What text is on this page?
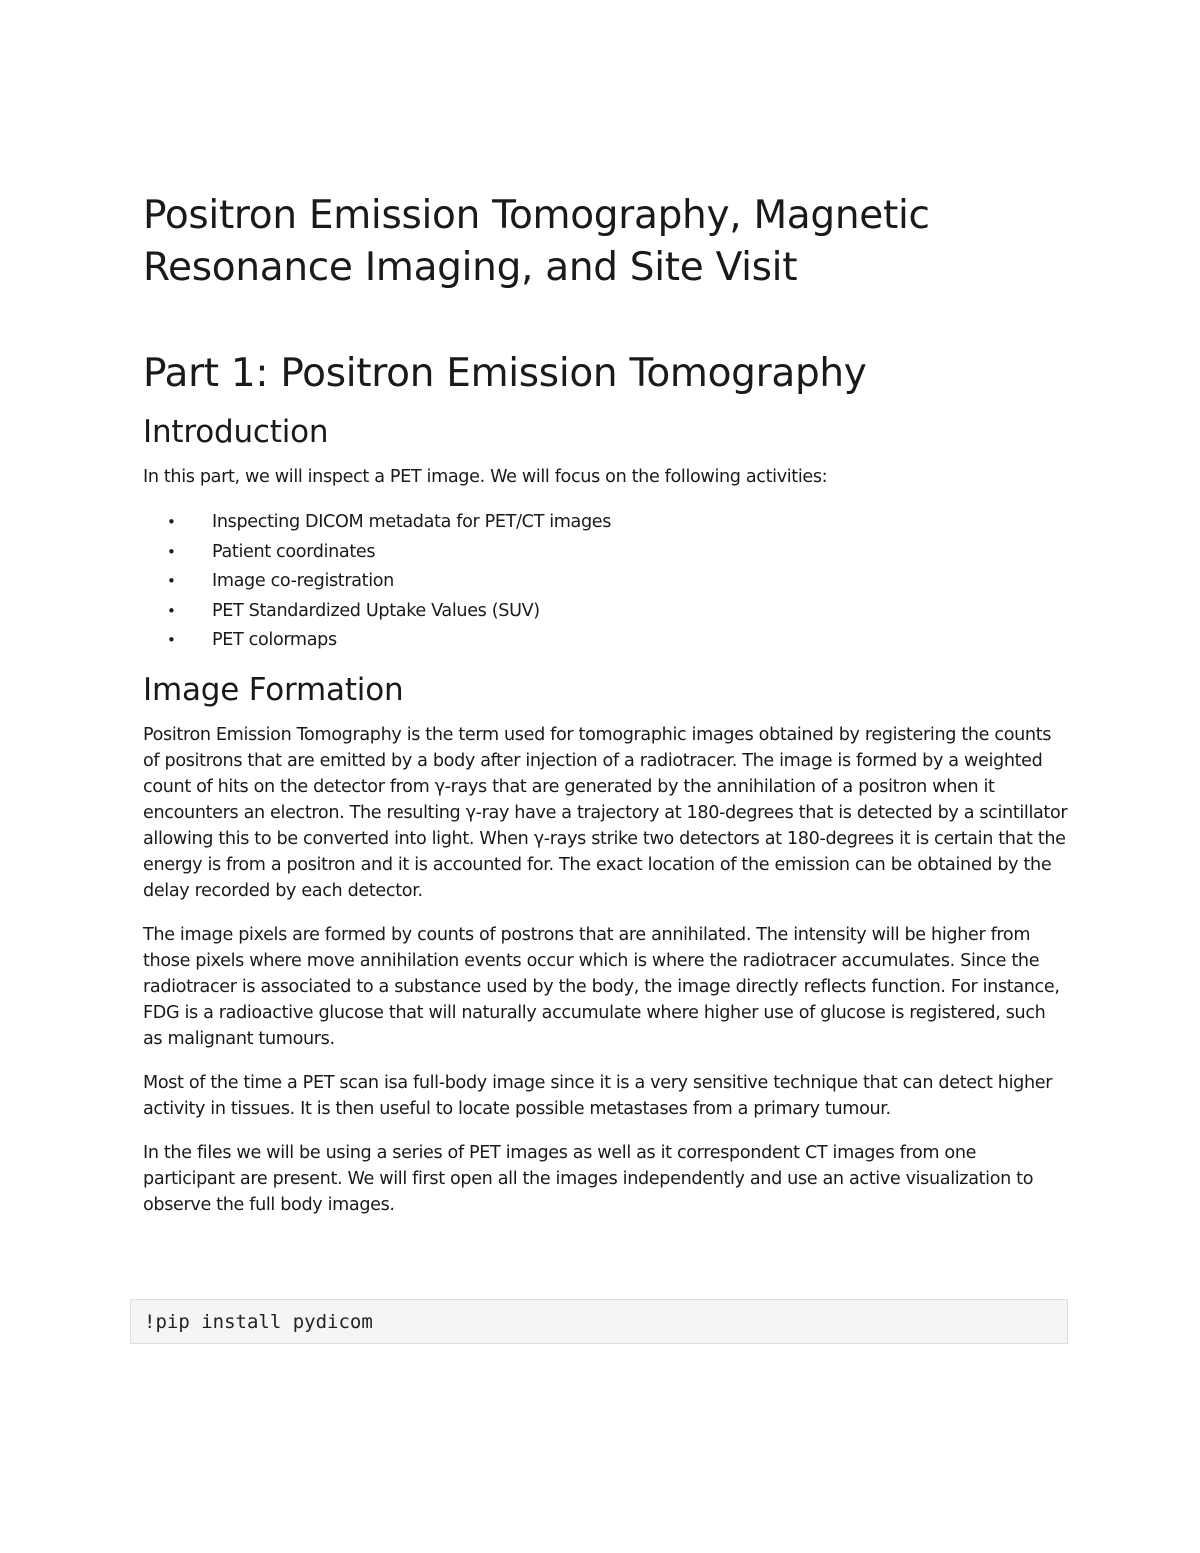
Positron Emission Tomography, Magnetic Resonance Imaging, and Site Visit
Part 1: Positron Emission Tomography
Introduction

In this part, we will inspect a PET image. We will focus on the following activities:

• Inspecting DICOM metadata for PET/CT images
• Patient coordinates
• Image co-registration
• PET Standardized Uptake Values (SUV)
• PET colormaps
Image Formation

Positron Emission Tomography is the term used for tomographic images obtained by registering the counts of positrons that are emitted by a body after injection of a radiotracer. The image is formed by a weighted count of hits on the detector from γ-rays that are generated by the annihilation of a positron when it encounters an electron. The resulting γ-ray have a trajectory at 180-degrees that is detected by a scintillator allowing this to be converted into light. When γ-rays strike two detectors at 180-degrees it is certain that the energy is from a positron and it is accounted for. The exact location of the emission can be obtained by the delay recorded by each detector.

The image pixels are formed by counts of postrons that are annihilated. The intensity will be higher from those pixels where move annihilation events occur which is where the radiotracer accumulates. Since the radiotracer is associated to a substance used by the body, the image directly reflects function. For instance, FDG is a radioactive glucose that will naturally accumulate where higher use of glucose is registered, such as malignant tumours.

Most of the time a PET scan isa full-body image since it is a very sensitive technique that can detect higher activity in tissues. It is then useful to locate possible metastases from a primary tumour.

In the files we will be using a series of PET images as well as it correspondent CT images from one participant are present. We will first open all the images independently and use an active visualization to observe the full body images.

!pip install pydicom
